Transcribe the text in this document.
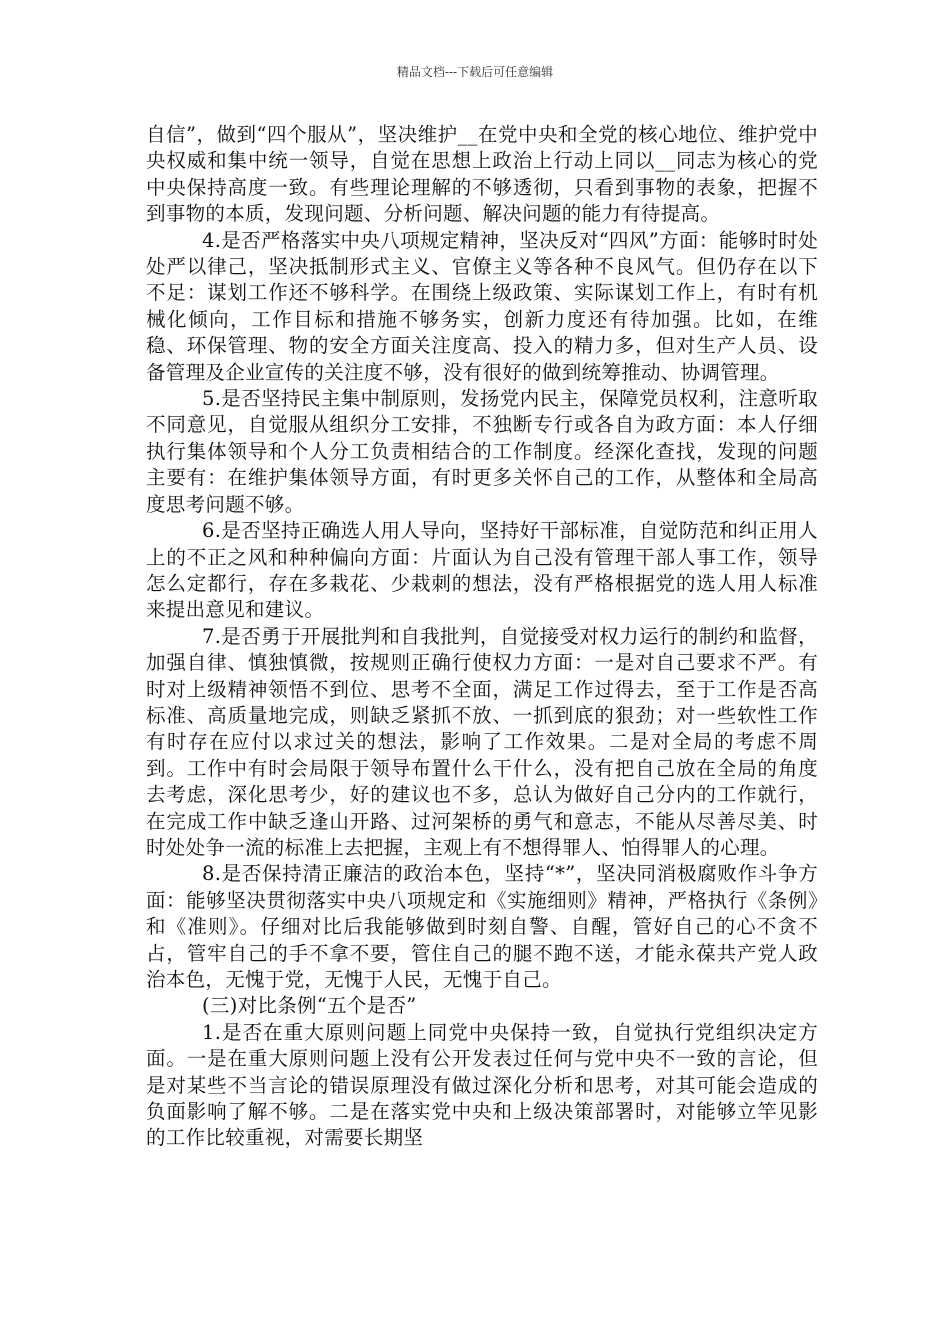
精品文档---下载后可任意编辑

自信”，做到“四个服从”，坚决维护__在党中央和全党的核心地位、维护党中央权威和集中统一领导，自觉在思想上政治上行动上同以__同志为核心的党中央保持高度一致。有些理论理解的不够透彻，只看到事物的表象，把握不到事物的本质，发现问题、分析问题、解决问题的能力有待提高。

4.是否严格落实中央八项规定精神，坚决反对“四风”方面：能够时时处处严以律己，坚决抵制形式主义、官僚主义等各种不良风气。但仍存在以下不足：谋划工作还不够科学。在围绕上级政策、实际谋划工作上，有时有机械化倾向，工作目标和措施不够务实，创新力度还有待加强。比如，在维稳、环保管理、物的安全方面关注度高、投入的精力多，但对生产人员、设备管理及企业宣传的关注度不够，没有很好的做到统筹推动、协调管理。

5.是否坚持民主集中制原则，发扬党内民主，保障党员权利，注意听取不同意见，自觉服从组织分工安排，不独断专行或各自为政方面：本人仔细执行集体领导和个人分工负责相结合的工作制度。经深化查找，发现的问题主要有：在维护集体领导方面，有时更多关怀自己的工作，从整体和全局高度思考问题不够。

6.是否坚持正确选人用人导向，坚持好干部标准，自觉防范和纠正用人上的不正之风和种种偏向方面：片面认为自己没有管理干部人事工作，领导怎么定都行，存在多栽花、少栽刺的想法，没有严格根据党的选人用人标准来提出意见和建议。

7.是否勇于开展批判和自我批判，自觉接受对权力运行的制约和监督，加强自律、慎独慎微，按规则正确行使权力方面：一是对自己要求不严。有时对上级精神领悟不到位、思考不全面，满足工作过得去，至于工作是否高标准、高质量地完成，则缺乏紧抓不放、一抓到底的狠劲；对一些软性工作有时存在应付以求过关的想法，影响了工作效果。二是对全局的考虑不周到。工作中有时会局限于领导布置什么干什么，没有把自己放在全局的角度去考虑，深化思考少，好的建议也不多，总认为做好自己分内的工作就行，在完成工作中缺乏逢山开路、过河架桥的勇气和意志，不能从尽善尽美、时时处处争一流的标准上去把握，主观上有不想得罪人、怕得罪人的心理。

8.是否保持清正廉洁的政治本色，坚持“*”，坚决同消极腐败作斗争方面：能够坚决贯彻落实中央八项规定和《实施细则》精神，严格执行《条例》和《准则》。仔细对比后我能够做到时刻自警、自醒，管好自己的心不贪不占，管牢自己的手不拿不要，管住自己的腿不跑不送，才能永葆共产党人政治本色，无愧于党，无愧于人民，无愧于自己。

(三)对比条例“五个是否”

1.是否在重大原则问题上同党中央保持一致，自觉执行党组织决定方面。一是在重大原则问题上没有公开发表过任何与党中央不一致的言论，但是对某些不当言论的错误原理没有做过深化分析和思考，对其可能会造成的负面影响了解不够。二是在落实党中央和上级决策部署时，对能够立竿见影的工作比较重视，对需要长期坚
